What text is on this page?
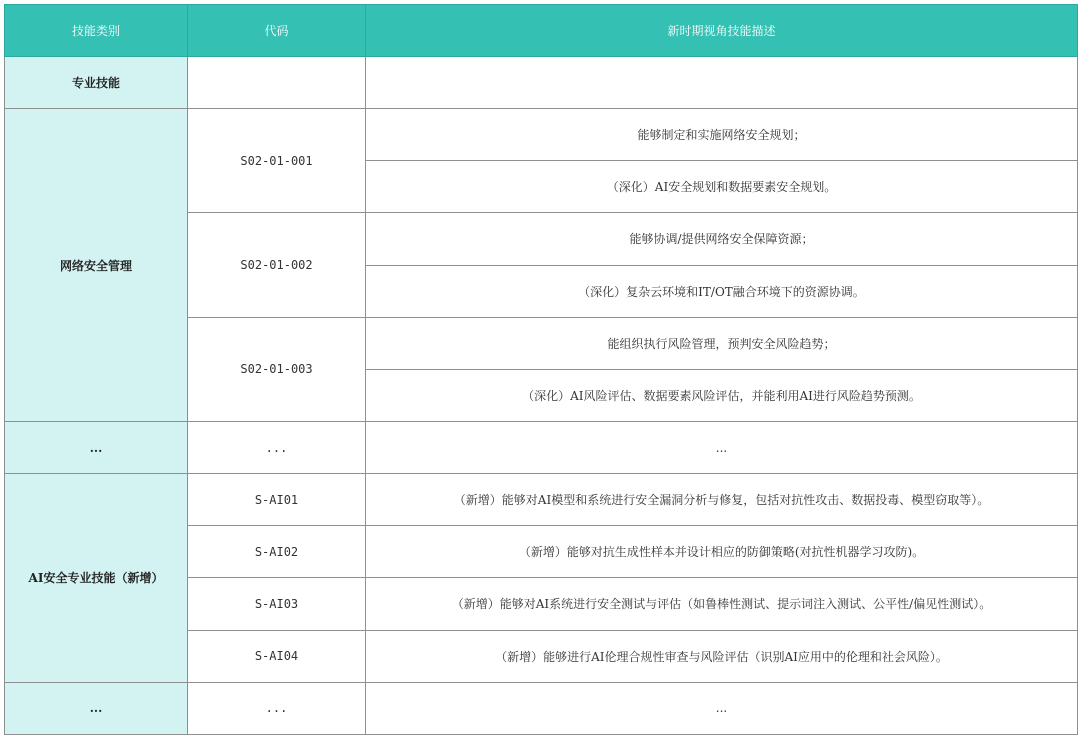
技能类别	代码	新时期视角技能描述
专业技能		
网络安全管理	S02-01-001	能够制定和实施网络安全规划；
		（深化）AI安全规划和数据要素安全规划。
	S02-01-002	能够协调/提供网络安全保障资源；
		（深化）复杂云环境和IT/OT融合环境下的资源协调。
	S02-01-003	能组织执行风险管理，预判安全风险趋势；
		（深化）AI风险评估、数据要素风险评估，并能利用AI进行风险趋势预测。
...	...	...
AI安全专业技能（新增）	S-AI01	（新增）能够对AI模型和系统进行安全漏洞分析与修复，包括对抗性攻击、数据投毒、模型窃取等）。
	S-AI02	（新增）能够对抗生成性样本并设计相应的防御策略(对抗性机器学习攻防)。
	S-AI03	（新增）能够对AI系统进行安全测试与评估（如鲁棒性测试、提示词注入测试、公平性/偏见性测试）。
	S-AI04	（新增）能够进行AI伦理合规性审查与风险评估（识别AI应用中的伦理和社会风险）。
...	...	...
